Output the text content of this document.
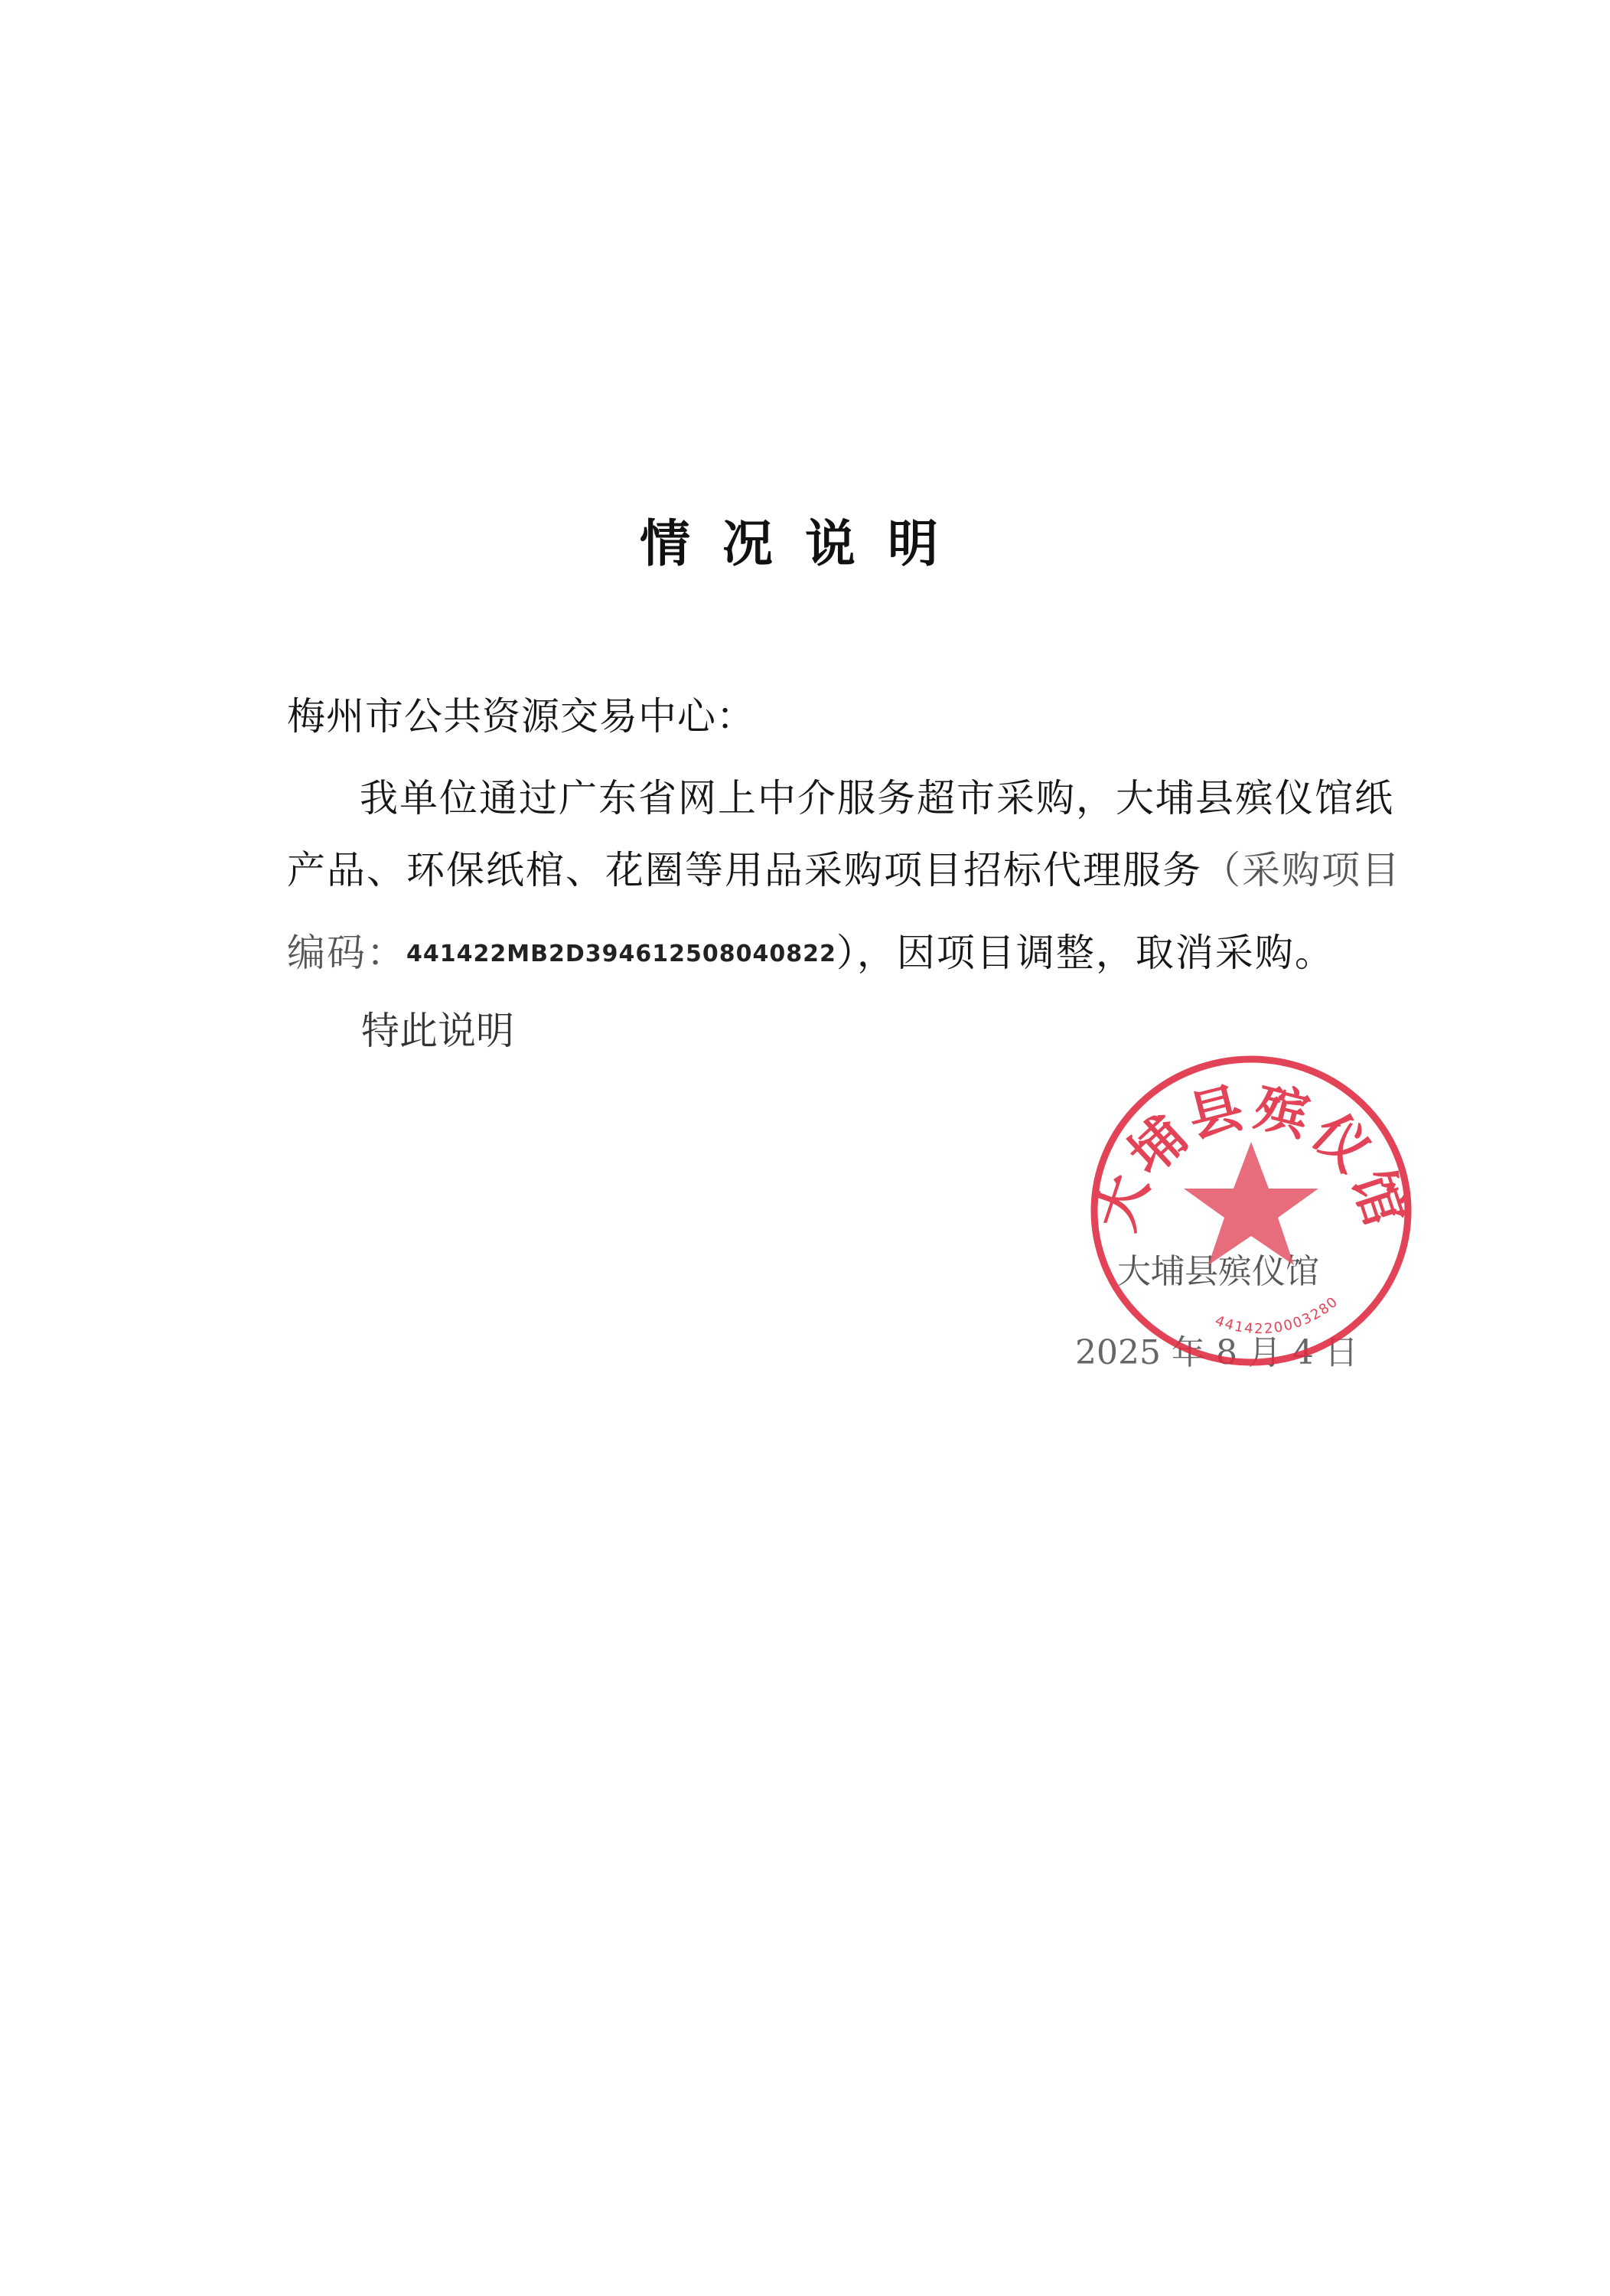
情况说明
梅州市公共资源交易中心：
我单位通过广东省网上中介服务超市采购，大埔县殡仪馆纸
产品、环保纸棺、花圈等用品采购项目招标代理服务（采购项目
编码：441422MB2D394612508040822），因项目调整，取消采购。
特此说明
大埔县殡仪馆
2025 年 8 月 4 日
大埔县殡仪馆
4414220003280
